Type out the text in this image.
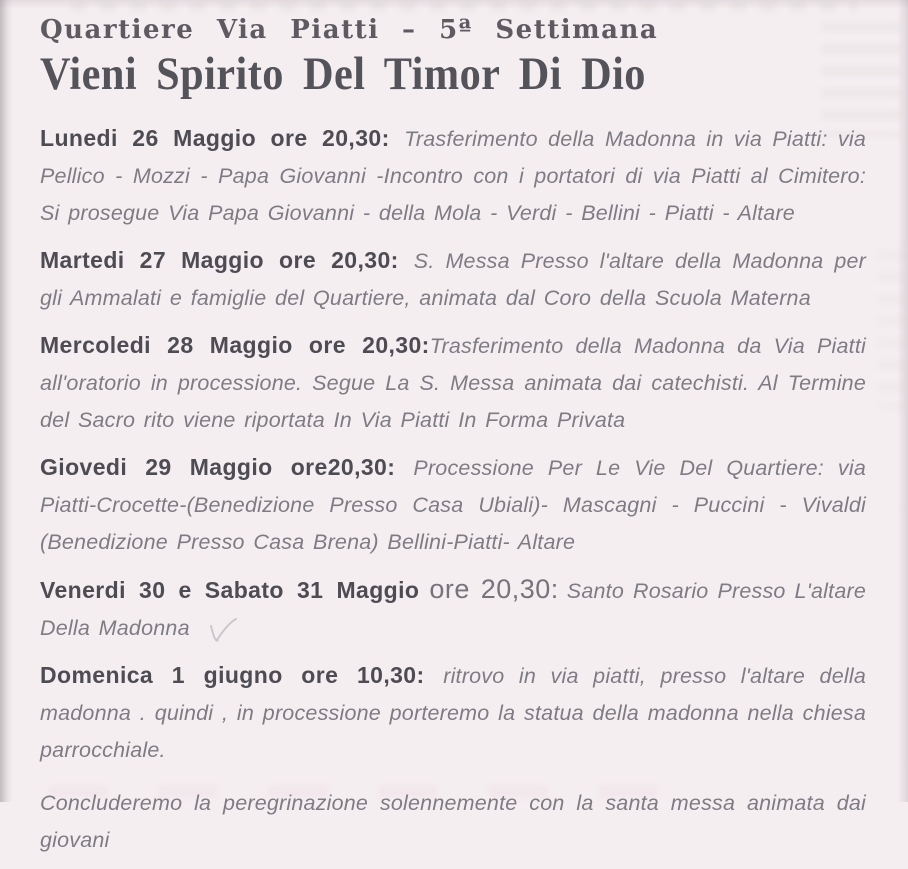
Quartiere Via Piatti – 5ª Settimana
Vieni Spirito Del Timor Di Dio

Lunedi 26 Maggio ore 20,30: Trasferimento della Madonna in via Piatti: via Pellico - Mozzi - Papa Giovanni -Incontro con i portatori di via Piatti al Cimitero: Si prosegue Via Papa Giovanni - della Mola - Verdi - Bellini - Piatti - Altare

Martedi 27 Maggio ore 20,30: S. Messa Presso l'altare della Madonna per gli Ammalati e famiglie del Quartiere, animata dal Coro della Scuola Materna

Mercoledi 28 Maggio ore 20,30:Trasferimento della Madonna da Via Piatti all'oratorio in processione. Segue La S. Messa animata dai catechisti. Al Termine del Sacro rito viene riportata In Via Piatti In Forma Privata

Giovedi 29 Maggio ore20,30: Processione Per Le Vie Del Quartiere: via Piatti-Crocette-(Benedizione Presso Casa Ubiali)- Mascagni - Puccini - Vivaldi (Benedizione Presso Casa Brena) Bellini-Piatti- Altare

Venerdi 30 e Sabato 31 Maggio ore 20,30: Santo Rosario Presso L'altare Della Madonna

Domenica 1 giugno ore 10,30: ritrovo in via piatti, presso l'altare della madonna . quindi , in processione porteremo la statua della madonna nella chiesa parrocchiale.

Concluderemo la peregrinazione solennemente con la santa messa animata dai giovani
